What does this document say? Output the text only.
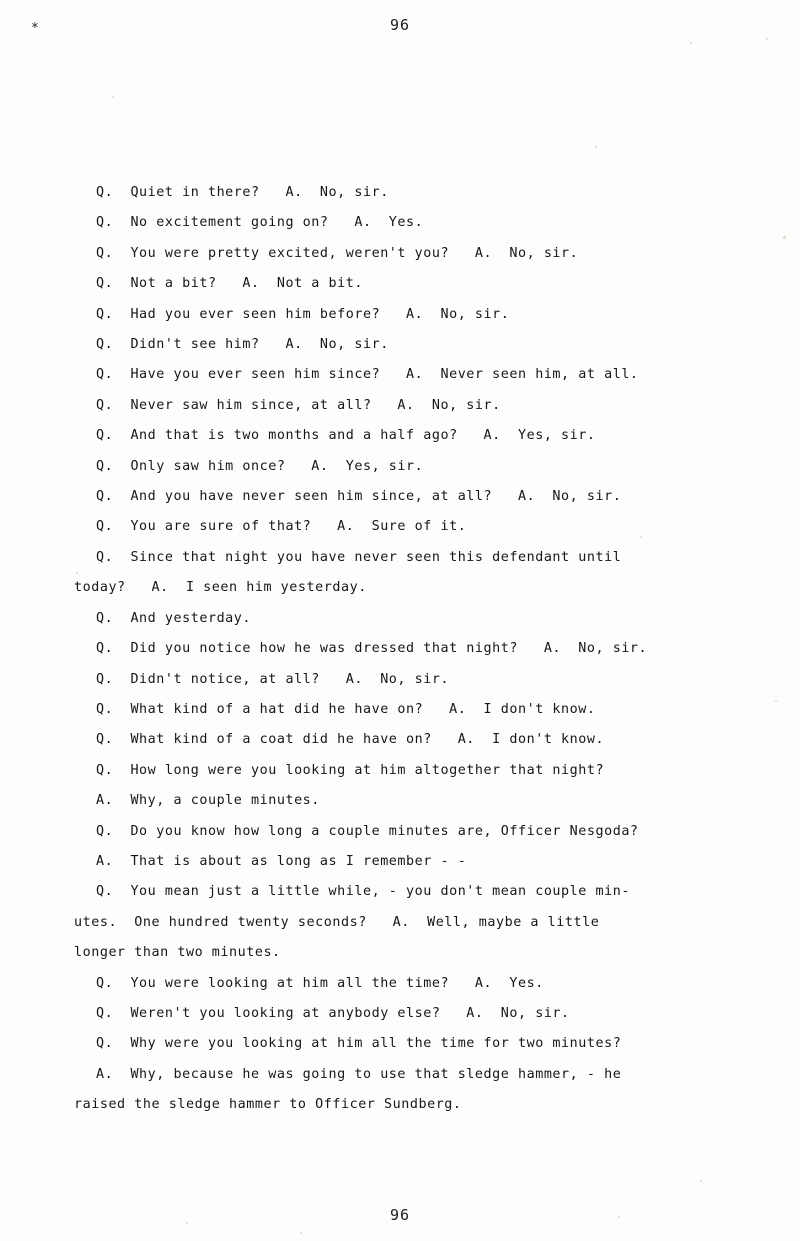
*	96
Q.  Quiet in there?   A.  No, sir.
Q.  No excitement going on?   A.  Yes.
Q.  You were pretty excited, weren't you?   A.  No, sir.
Q.  Not a bit?   A.  Not a bit.
Q.  Had you ever seen him before?   A.  No, sir.
Q.  Didn't see him?   A.  No, sir.
Q.  Have you ever seen him since?   A.  Never seen him, at all.
Q.  Never saw him since, at all?   A.  No, sir.
Q.  And that is two months and a half ago?   A.  Yes, sir.
Q.  Only saw him once?   A.  Yes, sir.
Q.  And you have never seen him since, at all?   A.  No, sir.
Q.  You are sure of that?   A.  Sure of it.
Q.  Since that night you have never seen this defendant until
today?   A.  I seen him yesterday.
Q.  And yesterday.
Q.  Did you notice how he was dressed that night?   A.  No, sir.
Q.  Didn't notice, at all?   A.  No, sir.
Q.  What kind of a hat did he have on?   A.  I don't know.
Q.  What kind of a coat did he have on?   A.  I don't know.
Q.  How long were you looking at him altogether that night?
A.  Why, a couple minutes.
Q.  Do you know how long a couple minutes are, Officer Nesgoda?
A.  That is about as long as I remember - -
Q.  You mean just a little while, - you don't mean couple min-
utes.  One hundred twenty seconds?   A.  Well, maybe a little
longer than two minutes.
Q.  You were looking at him all the time?   A.  Yes.
Q.  Weren't you looking at anybody else?   A.  No, sir.
Q.  Why were you looking at him all the time for two minutes?
A.  Why, because he was going to use that sledge hammer, - he
raised the sledge hammer to Officer Sundberg.
96
